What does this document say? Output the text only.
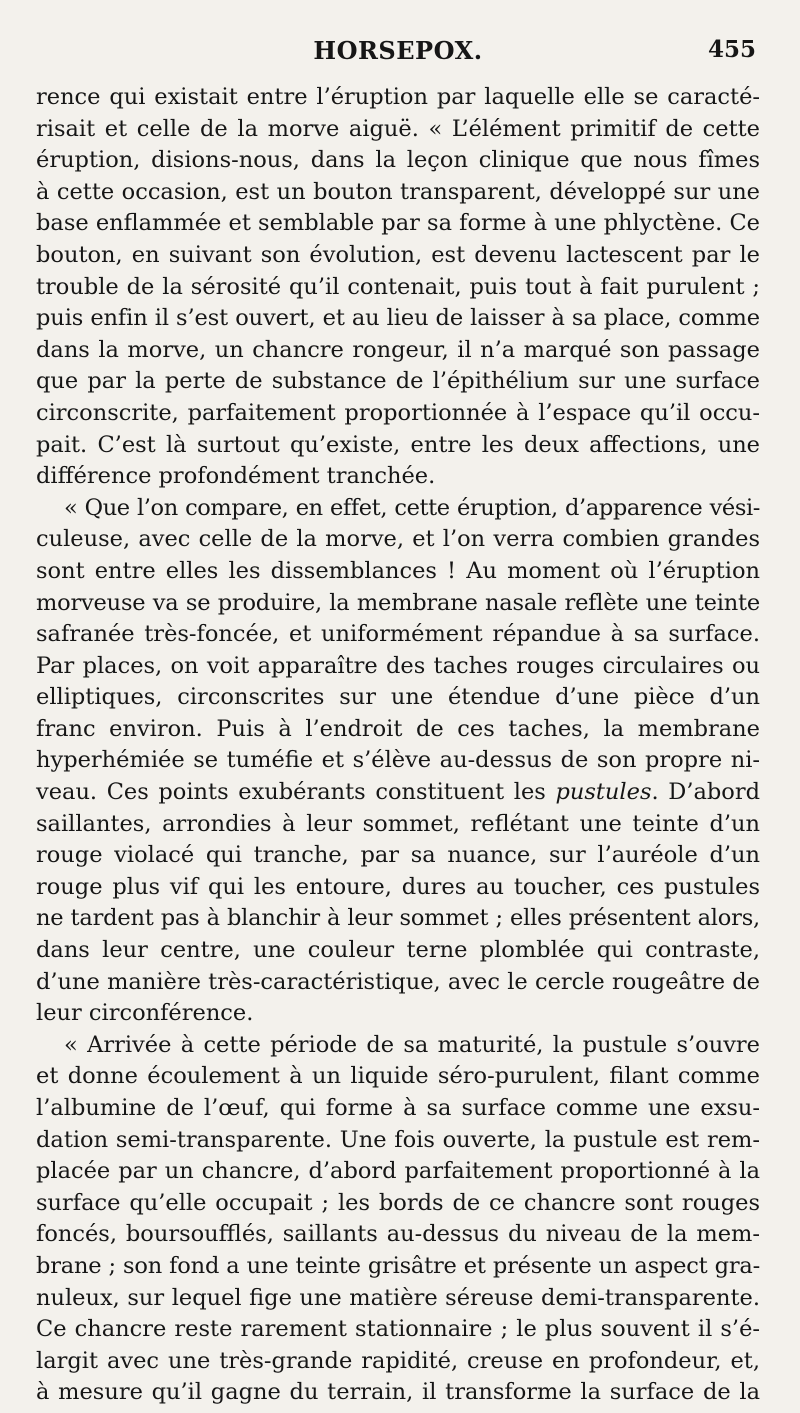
HORSEPOX.	455
rence qui existait entre l’éruption par laquelle elle se caracté-
risait et celle de la morve aiguë. « L’élément primitif de cette
éruption, disions-nous, dans la leçon clinique que nous fîmes
à cette occasion, est un bouton transparent, développé sur une
base enflammée et semblable par sa forme à une phlyctène. Ce
bouton, en suivant son évolution, est devenu lactescent par le
trouble de la sérosité qu’il contenait, puis tout à fait purulent ;
puis enfin il s’est ouvert, et au lieu de laisser à sa place, comme
dans la morve, un chancre rongeur, il n’a marqué son passage
que par la perte de substance de l’épithélium sur une surface
circonscrite, parfaitement proportionnée à l’espace qu’il occu-
pait. C’est là surtout qu’existe, entre les deux affections, une
différence profondément tranchée.
« Que l’on compare, en effet, cette éruption, d’apparence vési-
culeuse, avec celle de la morve, et l’on verra combien grandes
sont entre elles les dissemblances ! Au moment où l’éruption
morveuse va se produire, la membrane nasale reflète une teinte
safranée très-foncée, et uniformément répandue à sa surface.
Par places, on voit apparaître des taches rouges circulaires ou
elliptiques, circonscrites sur une étendue d’une pièce d’un
franc environ. Puis à l’endroit de ces taches, la membrane
hyperhémiée se tuméfie et s’élève au-dessus de son propre ni-
veau. Ces points exubérants constituent les pustules. D’abord
saillantes, arrondies à leur sommet, reflétant une teinte d’un
rouge violacé qui tranche, par sa nuance, sur l’auréole d’un
rouge plus vif qui les entoure, dures au toucher, ces pustules
ne tardent pas à blanchir à leur sommet ; elles présentent alors,
dans leur centre, une couleur terne plomblée qui contraste,
d’une manière très-caractéristique, avec le cercle rougeâtre de
leur circonférence.
« Arrivée à cette période de sa maturité, la pustule s’ouvre
et donne écoulement à un liquide séro-purulent, filant comme
l’albumine de l’œuf, qui forme à sa surface comme une exsu-
dation semi-transparente. Une fois ouverte, la pustule est rem-
placée par un chancre, d’abord parfaitement proportionné à la
surface qu’elle occupait ; les bords de ce chancre sont rouges
foncés, boursoufflés, saillants au-dessus du niveau de la mem-
brane ; son fond a une teinte grisâtre et présente un aspect gra-
nuleux, sur lequel fige une matière séreuse demi-transparente.
Ce chancre reste rarement stationnaire ; le plus souvent il s’é-
largit avec une très-grande rapidité, creuse en profondeur, et,
à mesure qu’il gagne du terrain, il transforme la surface de la
